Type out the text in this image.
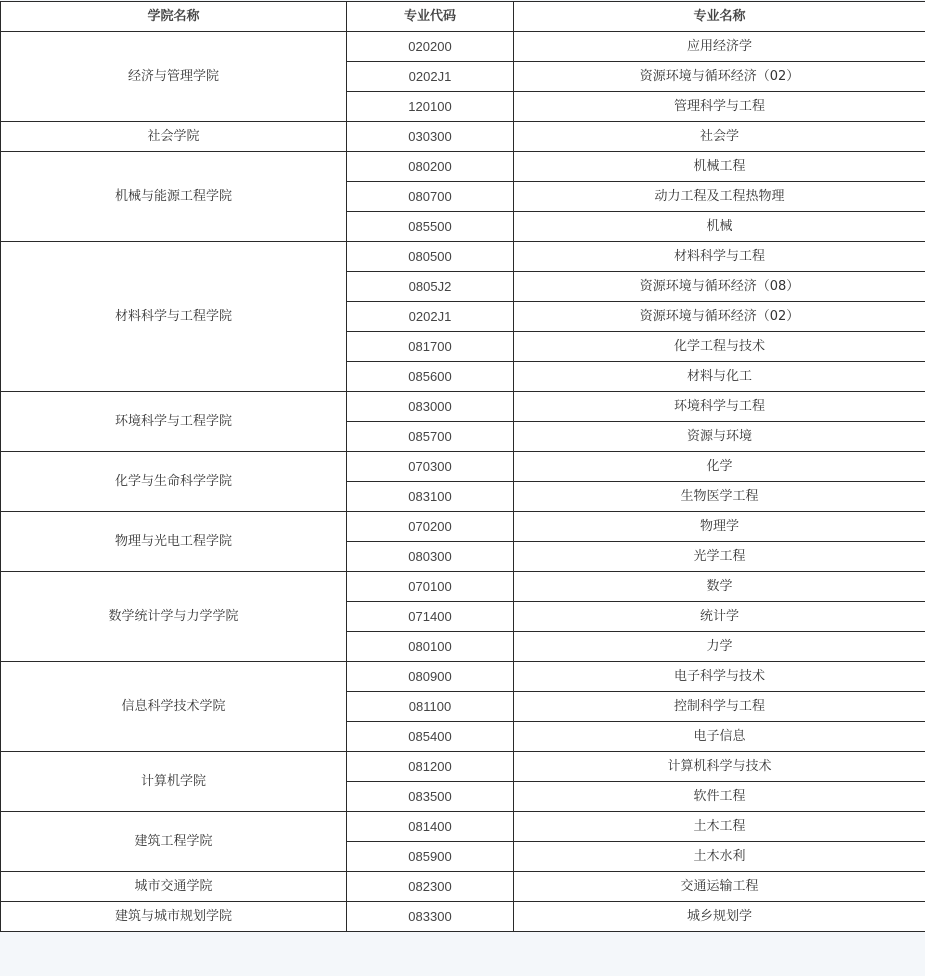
学院名称	专业代码	专业名称
经济与管理学院	020200	应用经济学
	0202J1	资源环境与循环经济（02）
	120100	管理科学与工程
社会学院	030300	社会学
机械与能源工程学院	080200	机械工程
	080700	动力工程及工程热物理
	085500	机械
材料科学与工程学院	080500	材料科学与工程
	0805J2	资源环境与循环经济（08）
	0202J1	资源环境与循环经济（02）
	081700	化学工程与技术
	085600	材料与化工
环境科学与工程学院	083000	环境科学与工程
	085700	资源与环境
化学与生命科学学院	070300	化学
	083100	生物医学工程
物理与光电工程学院	070200	物理学
	080300	光学工程
数学统计学与力学学院	070100	数学
	071400	统计学
	080100	力学
信息科学技术学院	080900	电子科学与技术
	081100	控制科学与工程
	085400	电子信息
计算机学院	081200	计算机科学与技术
	083500	软件工程
建筑工程学院	081400	土木工程
	085900	土木水利
城市交通学院	082300	交通运输工程
建筑与城市规划学院	083300	城乡规划学
